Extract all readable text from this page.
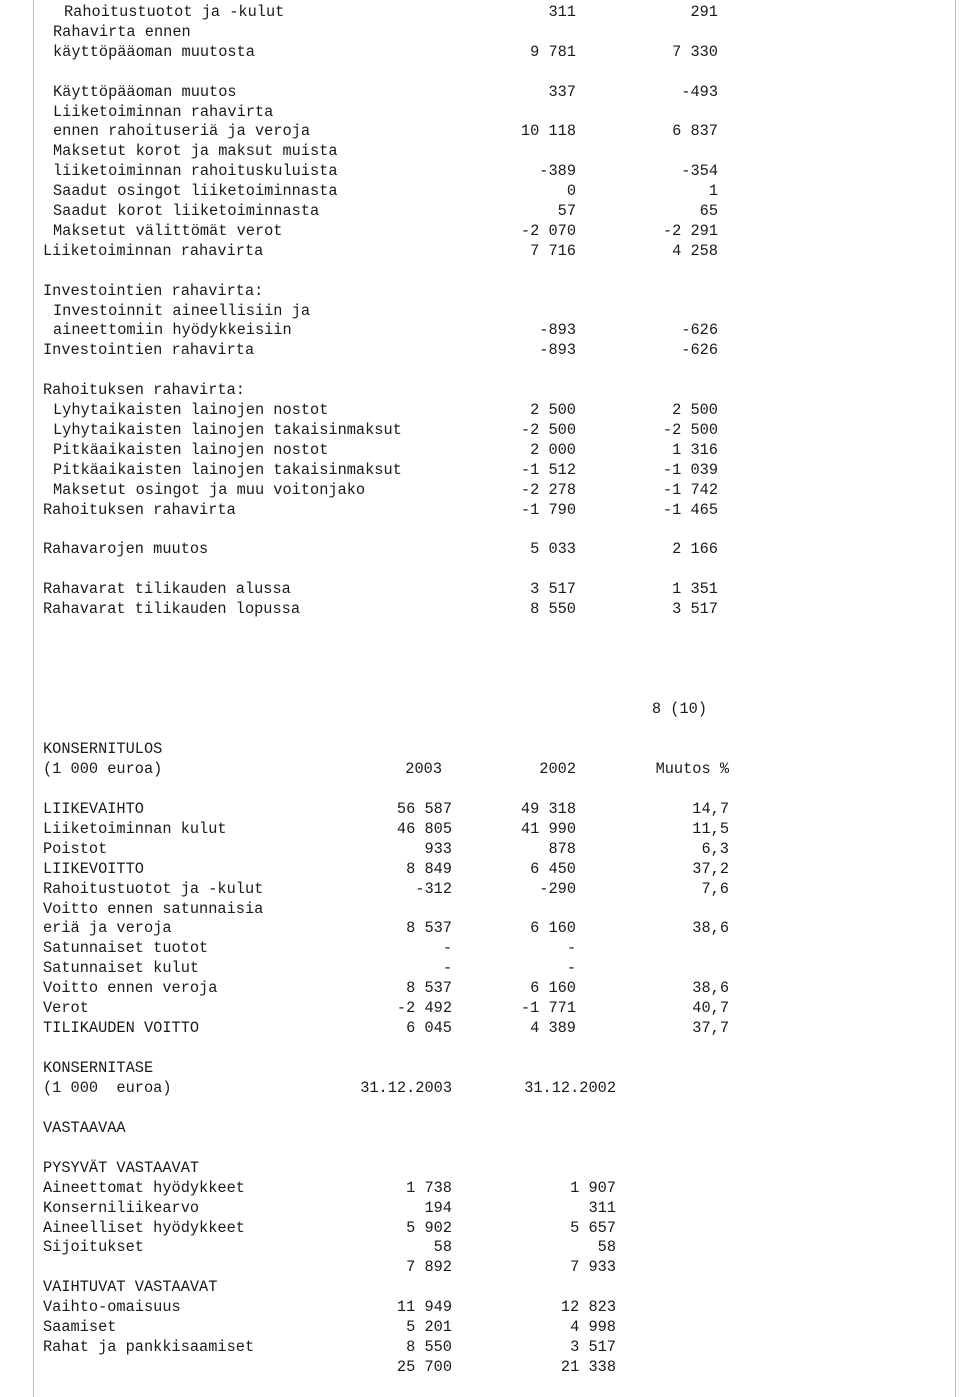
Rahoitustuotot ja -kulut	311	291
Rahavirta ennen
käyttöpääoman muutosta	9 781	7 330
Käyttöpääoman muutos	337	-493
Liiketoiminnan rahavirta
ennen rahoituseriä ja veroja	10 118	6 837
Maksetut korot ja maksut muista
liiketoiminnan rahoituskuluista	-389	-354
Saadut osingot liiketoiminnasta	0	1
Saadut korot liiketoiminnasta	57	65
Maksetut välittömät verot	-2 070	-2 291
Liiketoiminnan rahavirta	7 716	4 258
Investointien rahavirta:
Investoinnit aineellisiin ja
aineettomiin hyödykkeisiin	-893	-626
Investointien rahavirta	-893	-626
Rahoituksen rahavirta:
Lyhytaikaisten lainojen nostot	2 500	2 500
Lyhytaikaisten lainojen takaisinmaksut	-2 500	-2 500
Pitkäaikaisten lainojen nostot	2 000	1 316
Pitkäaikaisten lainojen takaisinmaksut	-1 512	-1 039
Maksetut osingot ja muu voitonjako	-2 278	-1 742
Rahoituksen rahavirta	-1 790	-1 465
Rahavarojen muutos	5 033	2 166
Rahavarat tilikauden alussa	3 517	1 351
Rahavarat tilikauden lopussa	8 550	3 517
8 (10)
KONSERNITULOS
(1 000 euroa)	2003	2002	Muutos %
LIIKEVAIHTO	56 587	49 318	14,7
Liiketoiminnan kulut	46 805	41 990	11,5
Poistot	933	878	6,3
LIIKEVOITTO	8 849	6 450	37,2
Rahoitustuotot ja -kulut	-312	-290	7,6
Voitto ennen satunnaisia
eriä ja veroja	8 537	6 160	38,6
Satunnaiset tuotot	-	-
Satunnaiset kulut	-	-
Voitto ennen veroja	8 537	6 160	38,6
Verot	-2 492	-1 771	40,7
TILIKAUDEN VOITTO	6 045	4 389	37,7
KONSERNITASE
(1 000  euroa)	31.12.2003	31.12.2002
VASTAAVAA
PYSYVÄT VASTAAVAT
Aineettomat hyödykkeet	1 738	1 907
Konserniliikearvo	194	311
Aineelliset hyödykkeet	5 902	5 657
Sijoitukset	58	58
7 892	7 933
VAIHTUVAT VASTAAVAT
Vaihto-omaisuus	11 949	12 823
Saamiset	5 201	4 998
Rahat ja pankkisaamiset	8 550	3 517
25 700	21 338
